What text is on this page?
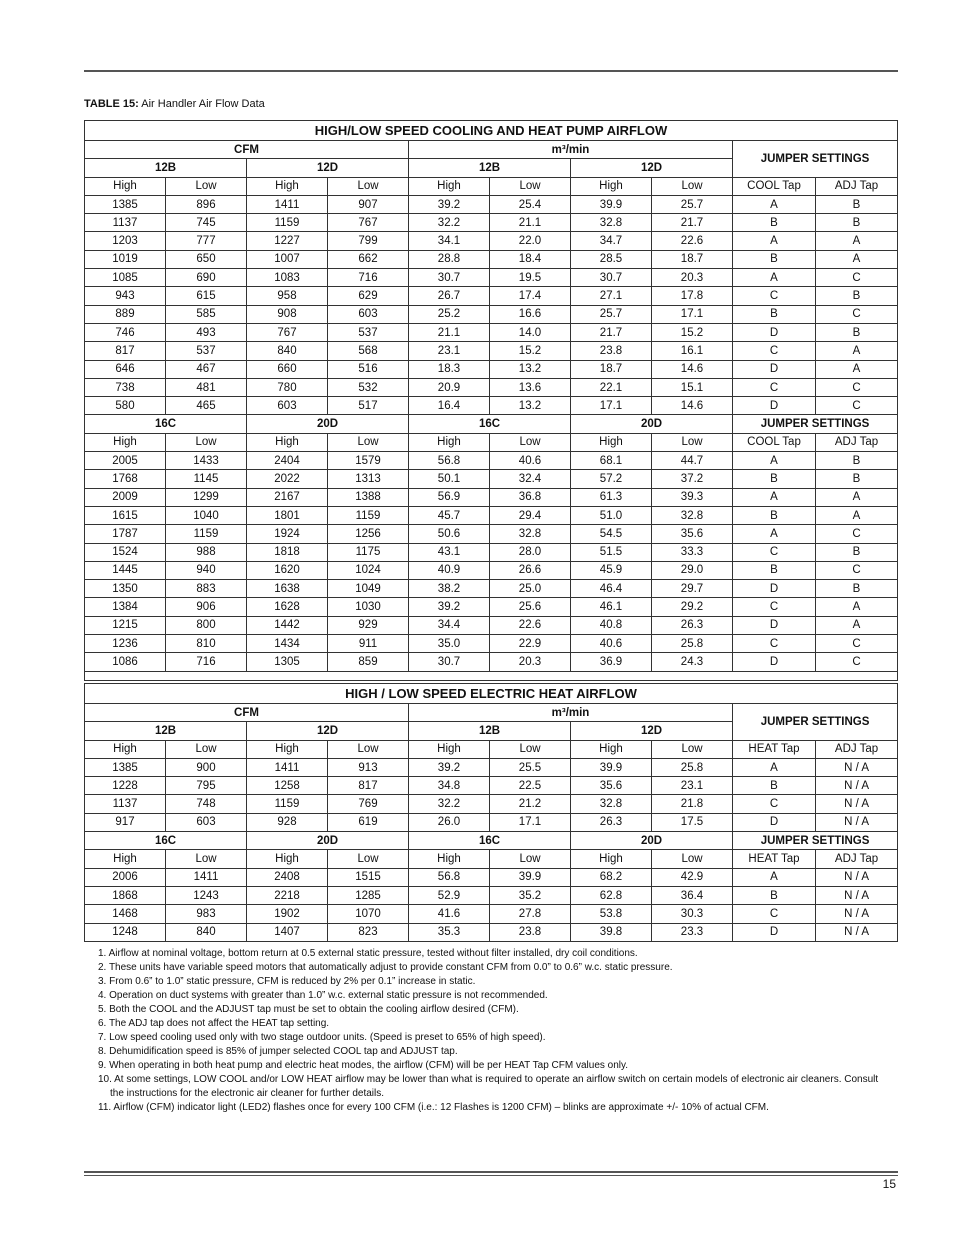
TABLE 15: Air Handler Air Flow Data
HIGH/LOW SPEED COOLING AND HEAT PUMP AIRFLOW									
CFM				m³/min				JUMPER SETTINGS	
12B		12D		12B		12D			
High	Low	High	Low	High	Low	High	Low	COOL Tap	ADJ Tap
1385	896	1411	907	39.2	25.4	39.9	25.7	A	B
1137	745	1159	767	32.2	21.1	32.8	21.7	B	B
1203	777	1227	799	34.1	22.0	34.7	22.6	A	A
1019	650	1007	662	28.8	18.4	28.5	18.7	B	A
1085	690	1083	716	30.7	19.5	30.7	20.3	A	C
943	615	958	629	26.7	17.4	27.1	17.8	C	B
889	585	908	603	25.2	16.6	25.7	17.1	B	C
746	493	767	537	21.1	14.0	21.7	15.2	D	B
817	537	840	568	23.1	15.2	23.8	16.1	C	A
646	467	660	516	18.3	13.2	18.7	14.6	D	A
738	481	780	532	20.9	13.6	22.1	15.1	C	C
580	465	603	517	16.4	13.2	17.1	14.6	D	C
16C		20D		16C		20D		JUMPER SETTINGS	
High	Low	High	Low	High	Low	High	Low	COOL Tap	ADJ Tap
2005	1433	2404	1579	56.8	40.6	68.1	44.7	A	B
1768	1145	2022	1313	50.1	32.4	57.2	37.2	B	B
2009	1299	2167	1388	56.9	36.8	61.3	39.3	A	A
1615	1040	1801	1159	45.7	29.4	51.0	32.8	B	A
1787	1159	1924	1256	50.6	32.8	54.5	35.6	A	C
1524	988	1818	1175	43.1	28.0	51.5	33.3	C	B
1445	940	1620	1024	40.9	26.6	45.9	29.0	B	C
1350	883	1638	1049	38.2	25.0	46.4	29.7	D	B
1384	906	1628	1030	39.2	25.6	46.1	29.2	C	A
1215	800	1442	929	34.4	22.6	40.8	26.3	D	A
1236	810	1434	911	35.0	22.9	40.6	25.8	C	C
1086	716	1305	859	30.7	20.3	36.9	24.3	D	C

HIGH / LOW SPEED ELECTRIC HEAT AIRFLOW									
CFM				m³/min				JUMPER SETTINGS	
12B		12D		12B		12D			
High	Low	High	Low	High	Low	High	Low	HEAT Tap	ADJ Tap
1385	900	1411	913	39.2	25.5	39.9	25.8	A	N / A
1228	795	1258	817	34.8	22.5	35.6	23.1	B	N / A
1137	748	1159	769	32.2	21.2	32.8	21.8	C	N / A
917	603	928	619	26.0	17.1	26.3	17.5	D	N / A
16C		20D		16C		20D		JUMPER SETTINGS	
High	Low	High	Low	High	Low	High	Low	HEAT Tap	ADJ Tap
2006	1411	2408	1515	56.8	39.9	68.2	42.9	A	N / A
1868	1243	2218	1285	52.9	35.2	62.8	36.4	B	N / A
1468	983	1902	1070	41.6	27.8	53.8	30.3	C	N / A
1248	840	1407	823	35.3	23.8	39.8	23.3	D	N / A
1. Airflow at nominal voltage, bottom return at 0.5 external static pressure, tested without filter installed, dry coil conditions.
2. These units have variable speed motors that automatically adjust to provide constant CFM from 0.0” to 0.6” w.c. static pressure.
3. From 0.6” to 1.0” static pressure, CFM is reduced by 2% per 0.1” increase in static.
4. Operation on duct systems with greater than 1.0” w.c. external static pressure is not recommended.
5. Both the COOL and the ADJUST tap must be set to obtain the cooling airflow desired (CFM).
6. The ADJ tap does not affect the HEAT tap setting.
7. Low speed cooling used only with two stage outdoor units. (Speed is preset to 65% of high speed).
8. Dehumidification speed is 85% of jumper selected COOL tap and ADJUST tap.
9. When operating in both heat pump and electric heat modes, the airflow (CFM) will be per HEAT Tap CFM values only.
10. At some settings, LOW COOL and/or LOW HEAT airflow may be lower than what is required to operate an airflow switch on certain models of electronic air cleaners. Consult the instructions for the electronic air cleaner for further details.
11. Airflow (CFM) indicator light (LED2) flashes once for every 100 CFM (i.e.: 12 Flashes is 1200 CFM) – blinks are approximate +/- 10% of actual CFM.
15
